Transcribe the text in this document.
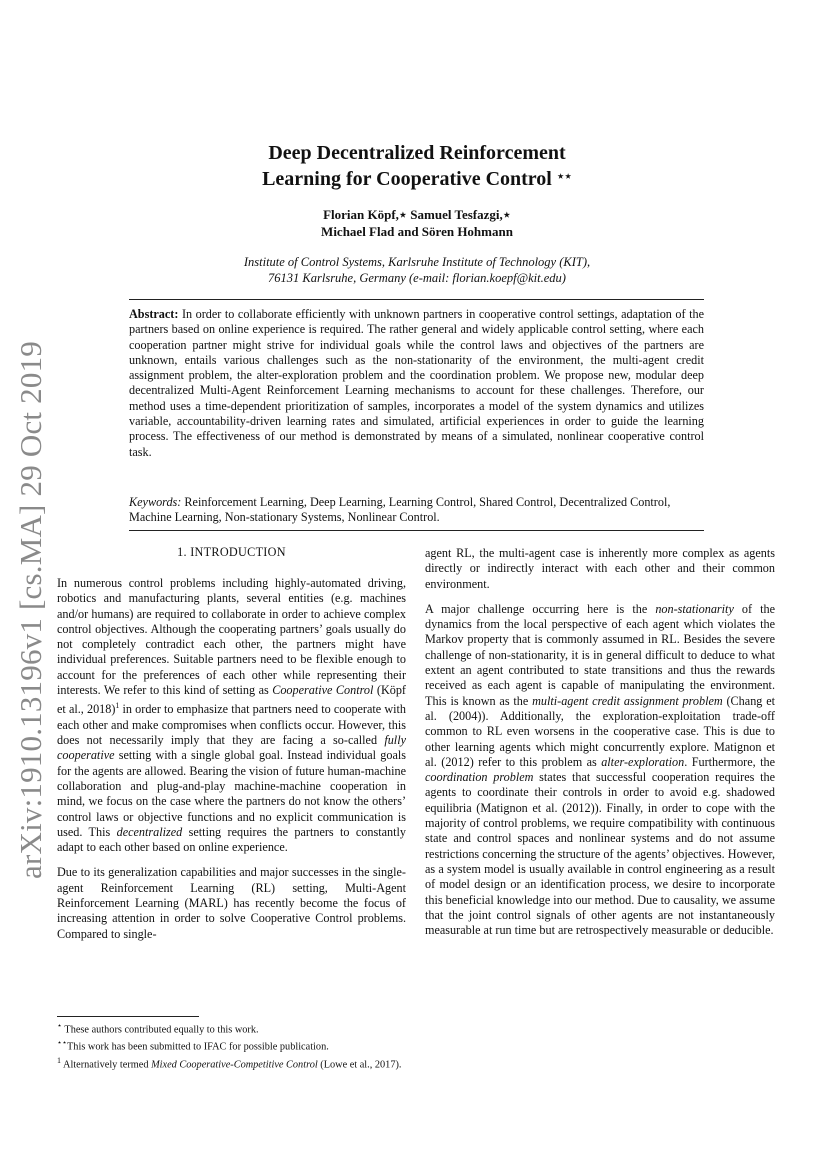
arXiv:1910.13196v1 [cs.MA] 29 Oct 2019
Deep Decentralized Reinforcement
Learning for Cooperative Control ⋆⋆
Florian Köpf,⋆ Samuel Tesfazgi,⋆
Michael Flad and Sören Hohmann
Institute of Control Systems, Karlsruhe Institute of Technology (KIT),
76131 Karlsruhe, Germany (e-mail: florian.koepf@kit.edu)
Abstract: In order to collaborate efficiently with unknown partners in cooperative control settings, adaptation of the partners based on online experience is required. The rather general and widely applicable control setting, where each cooperation partner might strive for individual goals while the control laws and objectives of the partners are unknown, entails various challenges such as the non-stationarity of the environment, the multi-agent credit assignment problem, the alter-exploration problem and the coordination problem. We propose new, modular deep decentralized Multi-Agent Reinforcement Learning mechanisms to account for these challenges. Therefore, our method uses a time-dependent prioritization of samples, incorporates a model of the system dynamics and utilizes variable, accountability-driven learning rates and simulated, artificial experiences in order to guide the learning process. The effectiveness of our method is demonstrated by means of a simulated, nonlinear cooperative control task.
Keywords: Reinforcement Learning, Deep Learning, Learning Control, Shared Control, Decentralized Control, Machine Learning, Non-stationary Systems, Nonlinear Control.
1. INTRODUCTION

In numerous control problems including highly-automated driving, robotics and manufacturing plants, several entities (e.g. machines and/or humans) are required to collaborate in order to achieve complex control objectives. Although the cooperating partners’ goals usually do not completely contradict each other, the partners might have individual preferences. Suitable partners need to be flexible enough to account for the preferences of each other while representing their interests. We refer to this kind of setting as Cooperative Control (Köpf et al., 2018)$^1$ in order to emphasize that partners need to cooperate with each other and make compromises when conflicts occur. However, this does not necessarily imply that they are facing a so-called fully cooperative setting with a single global goal. Instead individual goals for the agents are allowed. Bearing the vision of future human-machine collaboration and plug-and-play machine-machine cooperation in mind, we focus on the case where the partners do not know the others’ control laws or objective functions and no explicit communication is used. This decentralized setting requires the partners to constantly adapt to each other based on online experience.

Due to its generalization capabilities and major successes in the single-agent Reinforcement Learning (RL) setting, Multi-Agent Reinforcement Learning (MARL) has recently become the focus of increasing attention in order to solve Cooperative Control problems. Compared to single-

agent RL, the multi-agent case is inherently more complex as agents directly or indirectly interact with each other and their common environment.

A major challenge occurring here is the non-stationarity of the dynamics from the local perspective of each agent which violates the Markov property that is commonly assumed in RL. Besides the severe challenge of non-stationarity, it is in general difficult to deduce to what extent an agent contributed to state transitions and thus the rewards received as each agent is capable of manipulating the environment. This is known as the multi-agent credit assignment problem (Chang et al. (2004)). Additionally, the exploration-exploitation trade-off common to RL even worsens in the cooperative case. This is due to other learning agents which might concurrently explore. Matignon et al. (2012) refer to this problem as alter-exploration. Furthermore, the coordination problem states that successful cooperation requires the agents to coordinate their controls in order to avoid e.g. shadowed equilibria (Matignon et al. (2012)). Finally, in order to cope with the majority of control problems, we require compatibility with continuous state and control spaces and nonlinear systems and do not assume restrictions concerning the structure of the agents’ objectives. However, as a system model is usually available in control engineering as a result of model design or an identification process, we desire to incorporate this beneficial knowledge into our method. Due to causality, we assume that the joint control signals of other agents are not instantaneously measurable at run time but are retrospectively measurable or deducible.

⋆ These authors contributed equally to this work.
⋆⋆This work has been submitted to IFAC for possible publication.
$^1$ Alternatively termed Mixed Cooperative-Competitive Control (Lowe et al., 2017).
